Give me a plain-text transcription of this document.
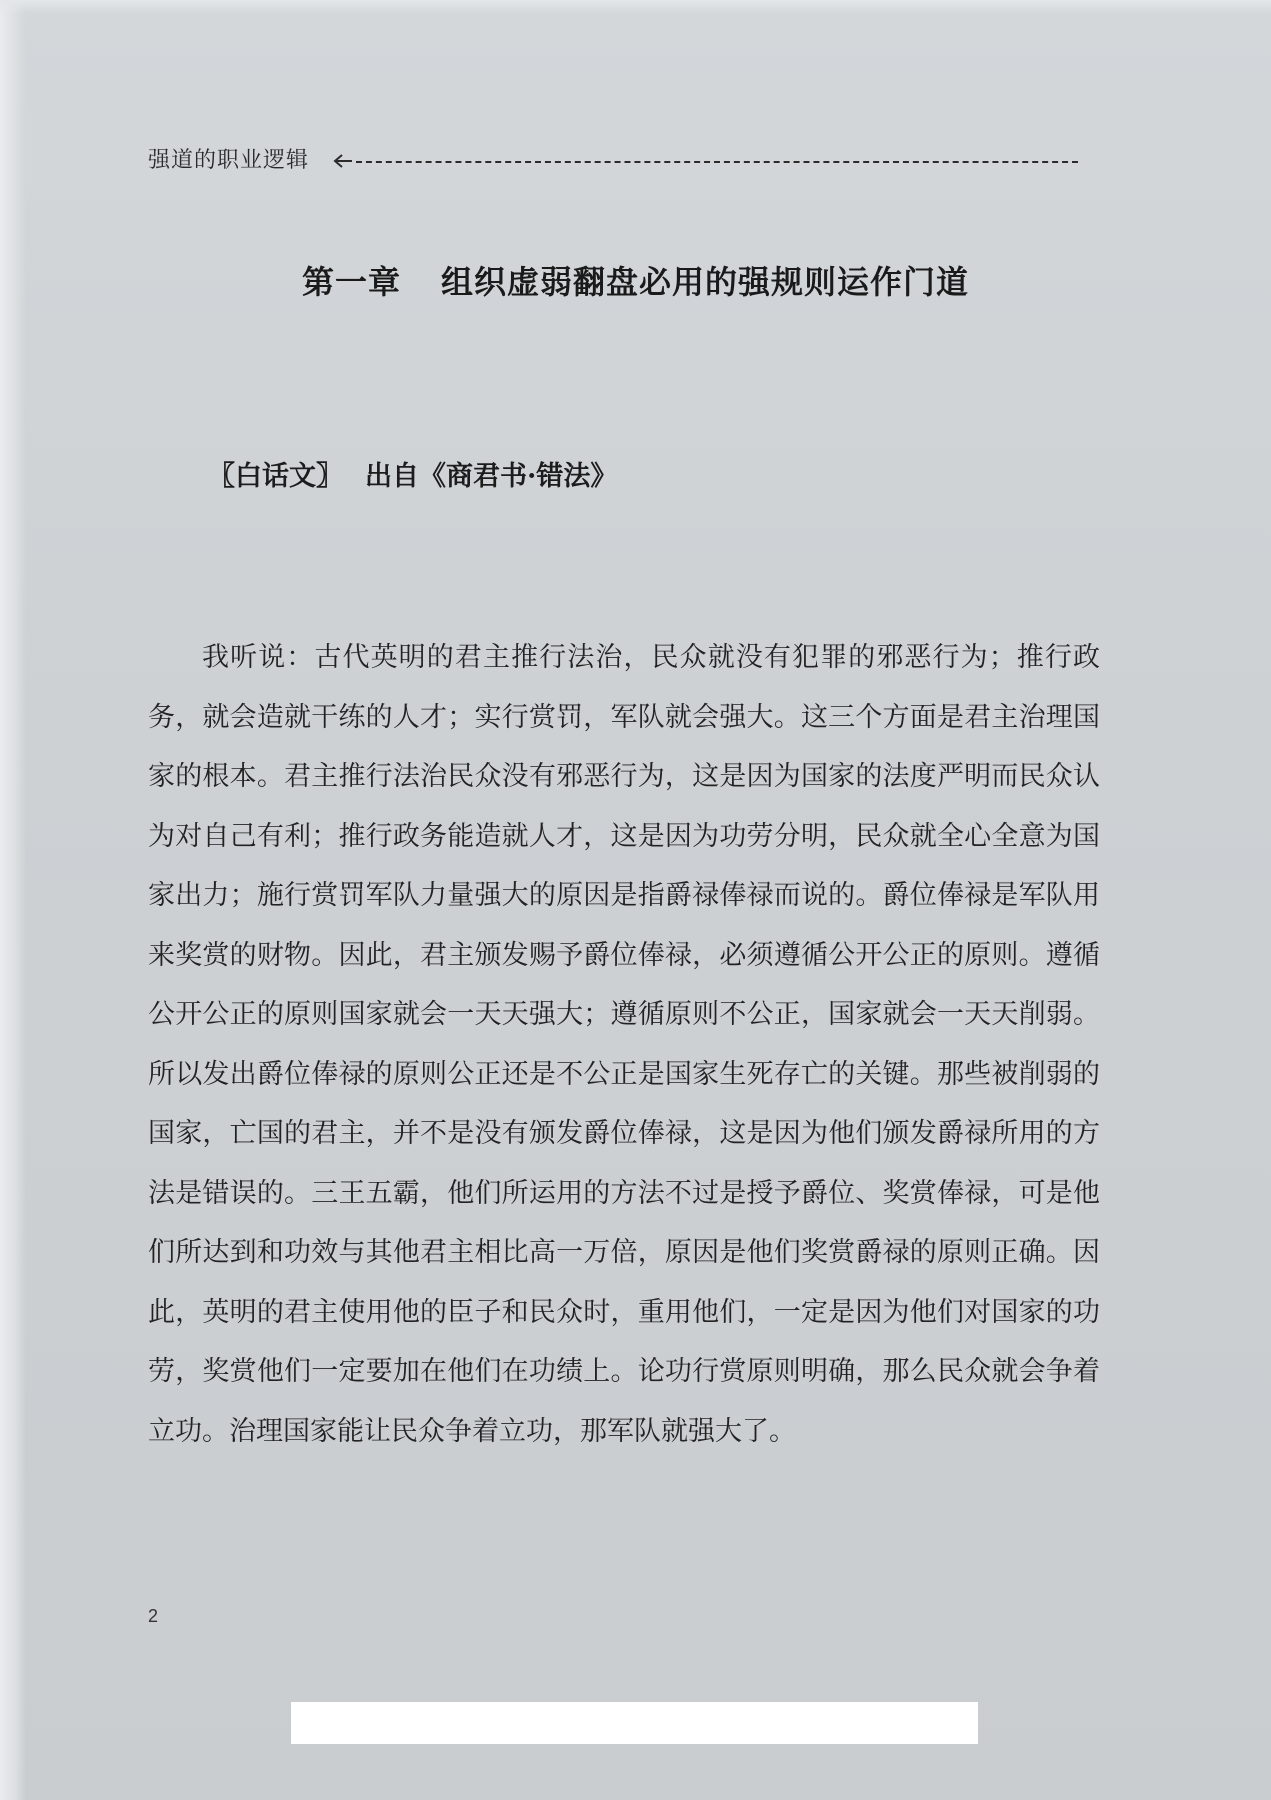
强道的职业逻辑
第一章 组织虚弱翻盘必用的强规则运作门道
〖白话文〗 出自《商君书·错法》

我听说：古代英明的君主推行法治，民众就没有犯罪的邪恶行为；推行政务，就会造就干练的人才；实行赏罚，军队就会强大。这三个方面是君主治理国家的根本。君主推行法治民众没有邪恶行为，这是因为国家的法度严明而民众认为对自己有利；推行政务能造就人才，这是因为功劳分明，民众就全心全意为国家出力；施行赏罚军队力量强大的原因是指爵禄俸禄而说的。爵位俸禄是军队用来奖赏的财物。因此，君主颁发赐予爵位俸禄，必须遵循公开公正的原则。遵循公开公正的原则国家就会一天天强大；遵循原则不公正，国家就会一天天削弱。所以发出爵位俸禄的原则公正还是不公正是国家生死存亡的关键。那些被削弱的国家，亡国的君主，并不是没有颁发爵位俸禄，这是因为他们颁发爵禄所用的方法是错误的。三王五霸，他们所运用的方法不过是授予爵位、奖赏俸禄，可是他们所达到和功效与其他君主相比高一万倍，原因是他们奖赏爵禄的原则正确。因此，英明的君主使用他的臣子和民众时，重用他们，一定是因为他们对国家的功劳，奖赏他们一定要加在他们在功绩上。论功行赏原则明确，那么民众就会争着立功。治理国家能让民众争着立功，那军队就强大了。

2
